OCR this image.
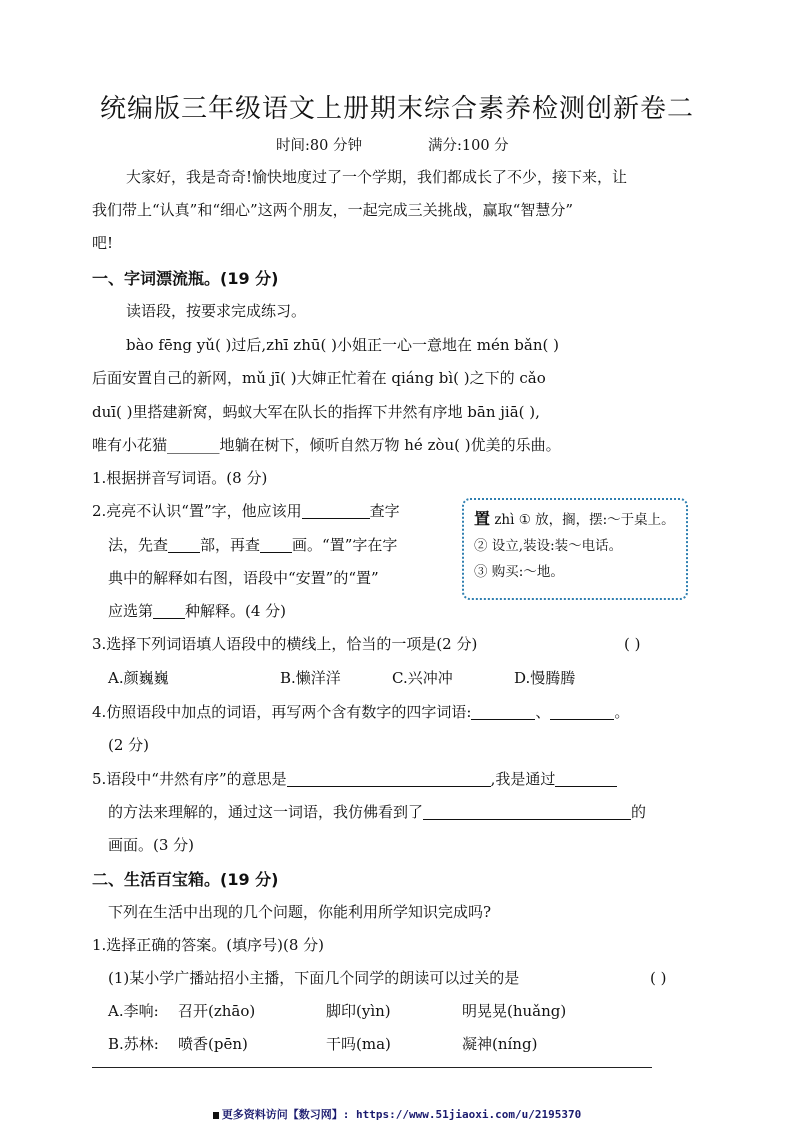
统编版三年级语文上册期末综合素养检测创新卷二
时间:80 分钟	满分:100 分
大家好，我是奇奇!愉快地度过了一个学期，我们都成长了不少，接下来，让
我们带上“认真”和“细心”这两个朋友，一起完成三关挑战，赢取“智慧分”
吧!
一、字词漂流瓶。(19 分)
读语段，按要求完成练习。
bào fēng yǔ( )过后,zhī zhū( )小姐正一心一意地在 mén bǎn( )
后面安置自己的新网，mǔ jī( )大婶正忙着在 qiáng bì( )之下的 cǎo
duī( )里搭建新窝，蚂蚁大军在队长的指挥下井然有序地 bān jiā( ),
唯有小花猫_______地躺在树下，倾听自然万物 hé zòu( )优美的乐曲。
1.根据拼音写词语。(8 分)
2.亮亮不认识“置”字，他应该用	查字
法，先查 部，再查 画。“置”字在字
典中的解释如右图，语段中“安置”的“置”
应选第 种解释。(4 分)
置 zhì ① 放，搁，摆:～于桌上。 ② 设立,装设:装～电话。
③ 购买:～地。
3.选择下列词语填人语段中的横线上，恰当的一项是(2 分)	( )
A.颜巍巍	B.懒洋洋	C.兴冲冲	D.慢腾腾
4.仿照语段中加点的词语，再写两个含有数字的四字词语:	、	。
(2 分)
5.语段中“井然有序”的意思是	,我是通过
的方法来理解的，通过这一词语，我仿佛看到了	的
画面。(3 分)
二、生活百宝箱。(19 分)
下列在生活中出现的几个问题，你能利用所学知识完成吗?
1.选择正确的答案。(填序号)(8 分)
(1)某小学广播站招小主播，下面几个同学的朗读可以过关的是	( )
A.李响: 召开(zhāo)	脚印(yìn)	明晃晃(huǎng)
B.苏林: 喷香(pēn)	干吗(ma)	凝神(níng)
更多资料访问【数习网】: https://www.51jiaoxi.com/u/2195370
